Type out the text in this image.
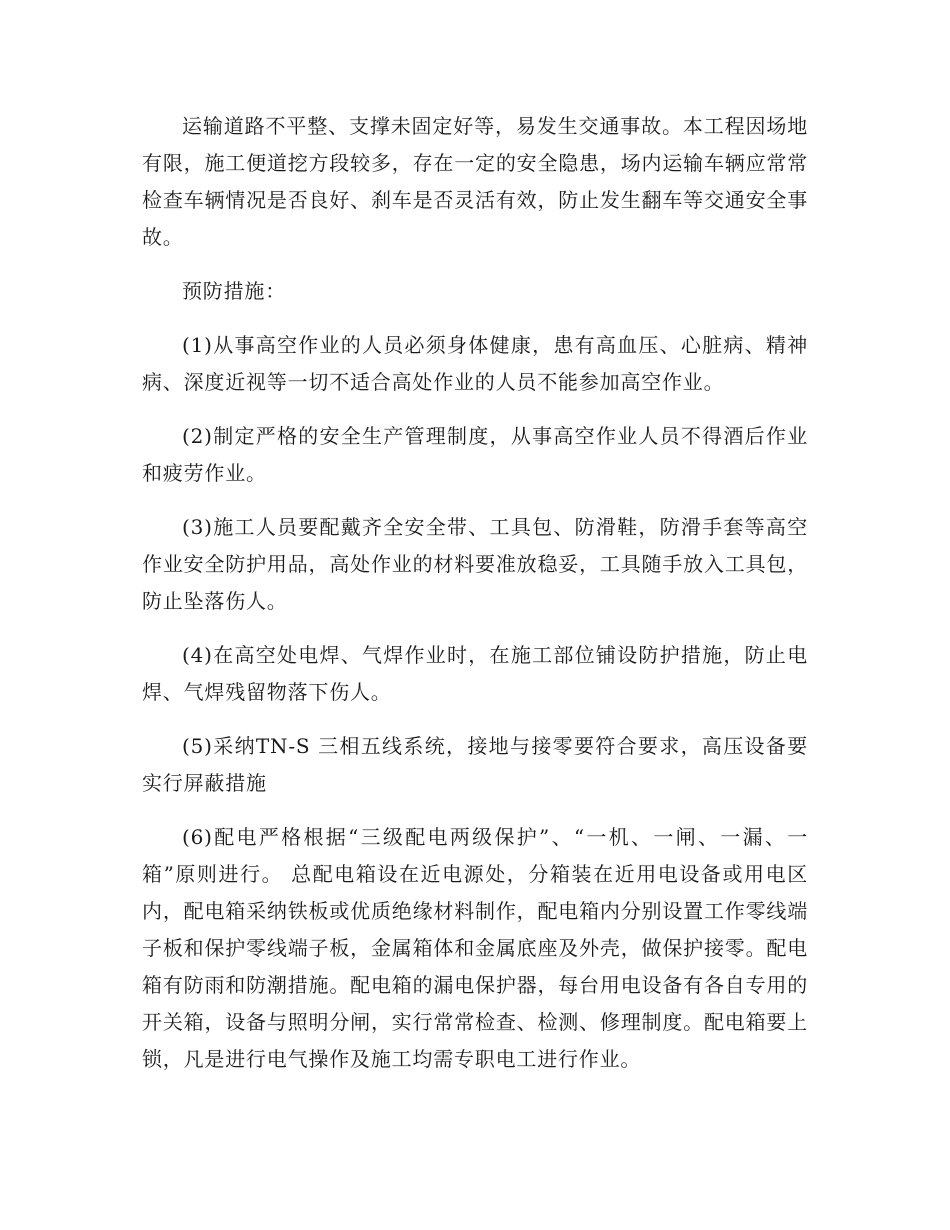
运输道路不平整、支撑未固定好等，易发生交通事故。本工程因场地有限，施工便道挖方段较多，存在一定的安全隐患，场内运输车辆应常常检查车辆情况是否良好、刹车是否灵活有效，防止发生翻车等交通安全事故。

预防措施：

(1)从事高空作业的人员必须身体健康，患有高血压、心脏病、精神病、深度近视等一切不适合高处作业的人员不能参加高空作业。

(2)制定严格的安全生产管理制度，从事高空作业人员不得酒后作业和疲劳作业。

(3)施工人员要配戴齐全安全带、工具包、防滑鞋，防滑手套等高空作业安全防护用品，高处作业的材料要准放稳妥，工具随手放入工具包，防止坠落伤人。

(4)在高空处电焊、气焊作业时，在施工部位铺设防护措施，防止电焊、气焊残留物落下伤人。

(5)采纳TN-S 三相五线系统，接地与接零要符合要求，高压设备要实行屏蔽措施

(6)配电严格根据“三级配电两级保护”、“一机、一闸、一漏、一箱”原则进行。 总配电箱设在近电源处，分箱装在近用电设备或用电区内，配电箱采纳铁板或优质绝缘材料制作，配电箱内分别设置工作零线端子板和保护零线端子板，金属箱体和金属底座及外壳，做保护接零。配电箱有防雨和防潮措施。配电箱的漏电保护器，每台用电设备有各自专用的开关箱，设备与照明分闸，实行常常检查、检测、修理制度。配电箱要上锁，凡是进行电气操作及施工均需专职电工进行作业。
